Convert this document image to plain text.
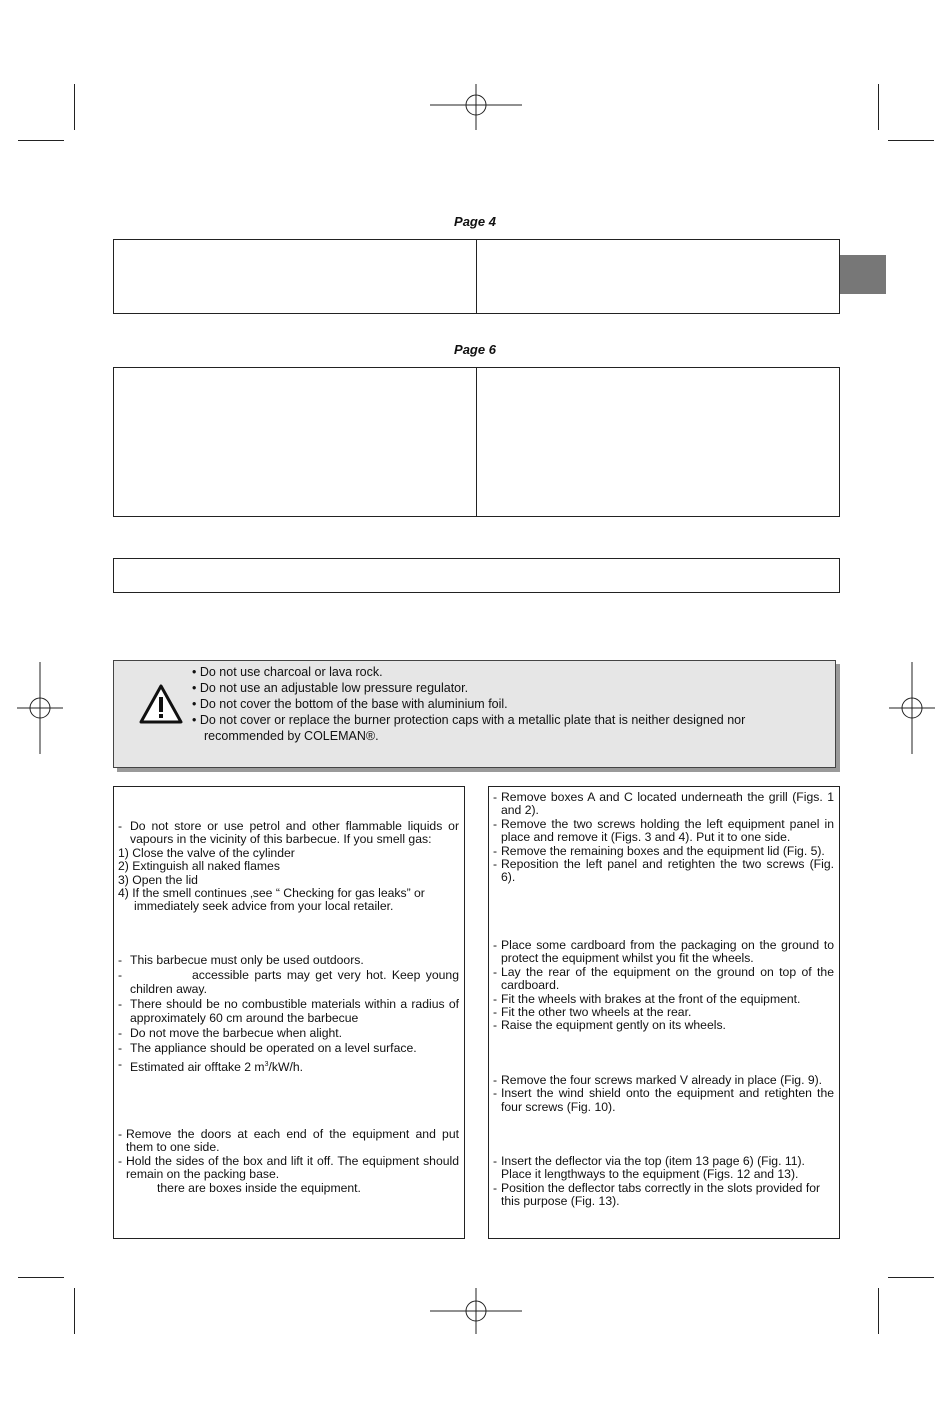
Page 4
Page 6
• Do not use charcoal or lava rock.
• Do not use an adjustable low pressure regulator.
• Do not cover the bottom of the base with aluminium foil.
• Do not cover or replace the burner protection caps with a metallic plate that is neither designed nor
recommended by COLEMAN®.
- Do not store or use petrol and other flammable liquids or vapours in the vicinity of this barbecue. If you smell gas:

1) Close the valve of the cylinder

2) Extinguish all naked flames

3) Open the lid

4) If the smell continues ‚see “ Checking for gas leaks” or immediately seek advice from your local retailer.

- This barbecue must only be used outdoors.
-	accessible parts may get very hot. Keep young children away.
- There should be no combustible materials within a radius of approximately 60 cm around the barbecue
- Do not move the barbecue when alight.
- The appliance should be operated on a level surface.
- Estimated air offtake 2 $m^3/kW/h$.
- Remove the doors at each end of the equipment and put them to one side.
- Hold the sides of the box and lift it off. The equipment should remain on the packing base.

there are boxes inside the equipment.

- Remove boxes A and C located underneath the grill (Figs. 1 and 2).
- Remove the two screws holding the left equipment panel in place and remove it (Figs. 3 and 4). Put it to one side.
- Remove the remaining boxes and the equipment lid (Fig. 5).
- Reposition the left panel and retighten the two screws (Fig. 6).
- Place some cardboard from the packaging on the ground to protect the equipment whilst you fit the wheels.
- Lay the rear of the equipment on the ground on top of the cardboard.
- Fit the wheels with brakes at the front of the equipment.
- Fit the other two wheels at the rear.
- Raise the equipment gently on its wheels.
- Remove the four screws marked V already in place (Fig. 9).
- Insert the wind shield onto the equipment and retighten the four screws (Fig. 10).
- Insert the deflector via the top (item 13 page 6) (Fig. 11). Place it lengthways to the equipment (Figs. 12 and 13).
- Position the deflector tabs correctly in the slots provided for this purpose (Fig. 13).
